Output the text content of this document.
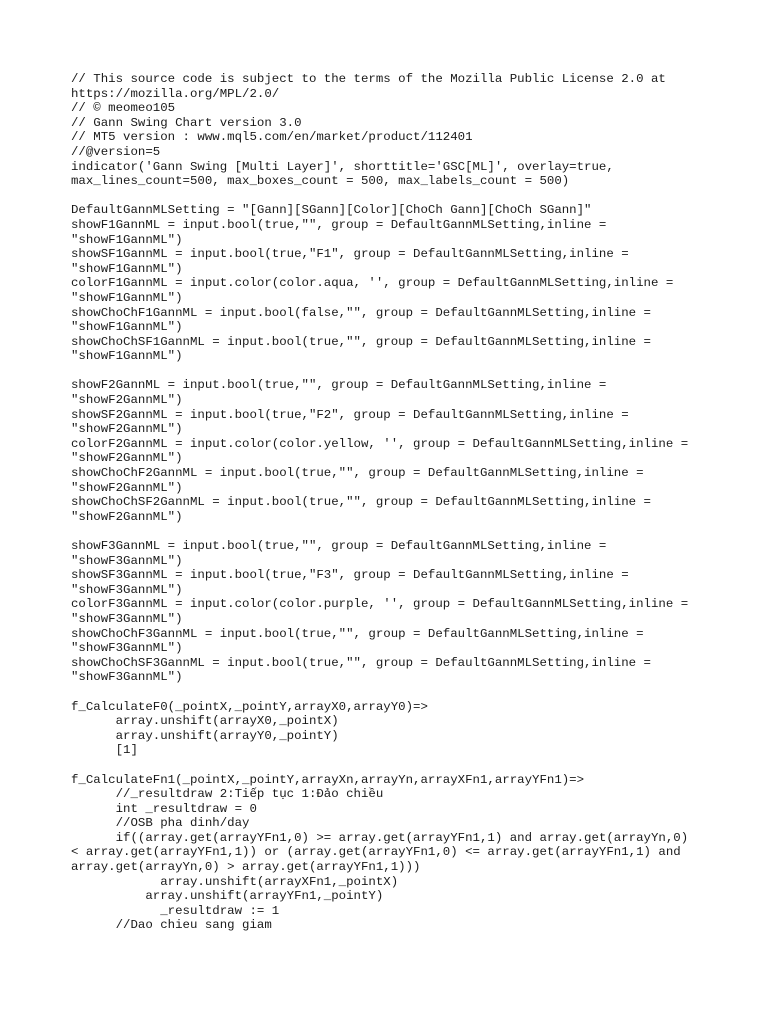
// This source code is subject to the terms of the Mozilla Public License 2.0 at
https://mozilla.org/MPL/2.0/
// © meomeo105
// Gann Swing Chart version 3.0
// MT5 version : www.mql5.com/en/market/product/112401
//@version=5
indicator('Gann Swing [Multi Layer]', shorttitle='GSC[ML]', overlay=true,
max_lines_count=500, max_boxes_count = 500, max_labels_count = 500)
DefaultGannMLSetting = "[Gann][SGann][Color][ChoCh Gann][ChoCh SGann]"
showF1GannML = input.bool(true,"", group = DefaultGannMLSetting,inline =
"showF1GannML")
showSF1GannML = input.bool(true,"F1", group = DefaultGannMLSetting,inline =
"showF1GannML")
colorF1GannML = input.color(color.aqua, '', group = DefaultGannMLSetting,inline =
"showF1GannML")
showChoChF1GannML = input.bool(false,"", group = DefaultGannMLSetting,inline =
"showF1GannML")
showChoChSF1GannML = input.bool(true,"", group = DefaultGannMLSetting,inline =
"showF1GannML")
showF2GannML = input.bool(true,"", group = DefaultGannMLSetting,inline =
"showF2GannML")
showSF2GannML = input.bool(true,"F2", group = DefaultGannMLSetting,inline =
"showF2GannML")
colorF2GannML = input.color(color.yellow, '', group = DefaultGannMLSetting,inline =
"showF2GannML")
showChoChF2GannML = input.bool(true,"", group = DefaultGannMLSetting,inline =
"showF2GannML")
showChoChSF2GannML = input.bool(true,"", group = DefaultGannMLSetting,inline =
"showF2GannML")
showF3GannML = input.bool(true,"", group = DefaultGannMLSetting,inline =
"showF3GannML")
showSF3GannML = input.bool(true,"F3", group = DefaultGannMLSetting,inline =
"showF3GannML")
colorF3GannML = input.color(color.purple, '', group = DefaultGannMLSetting,inline =
"showF3GannML")
showChoChF3GannML = input.bool(true,"", group = DefaultGannMLSetting,inline =
"showF3GannML")
showChoChSF3GannML = input.bool(true,"", group = DefaultGannMLSetting,inline =
"showF3GannML")
f_CalculateF0(_pointX,_pointY,arrayX0,arrayY0)=>
array.unshift(arrayX0,_pointX)
array.unshift(arrayY0,_pointY)
[1]
f_CalculateFn1(_pointX,_pointY,arrayXn,arrayYn,arrayXFn1,arrayYFn1)=>
//_resultdraw 2:Tiếp tục 1:Đảo chiều
int _resultdraw = 0
//OSB pha dinh/day
if((array.get(arrayYFn1,0) >= array.get(arrayYFn1,1) and array.get(arrayYn,0)
< array.get(arrayYFn1,1)) or (array.get(arrayYFn1,0) <= array.get(arrayYFn1,1) and
array.get(arrayYn,0) > array.get(arrayYFn1,1)))
array.unshift(arrayXFn1,_pointX)
array.unshift(arrayYFn1,_pointY)
_resultdraw := 1
//Dao chieu sang giam
